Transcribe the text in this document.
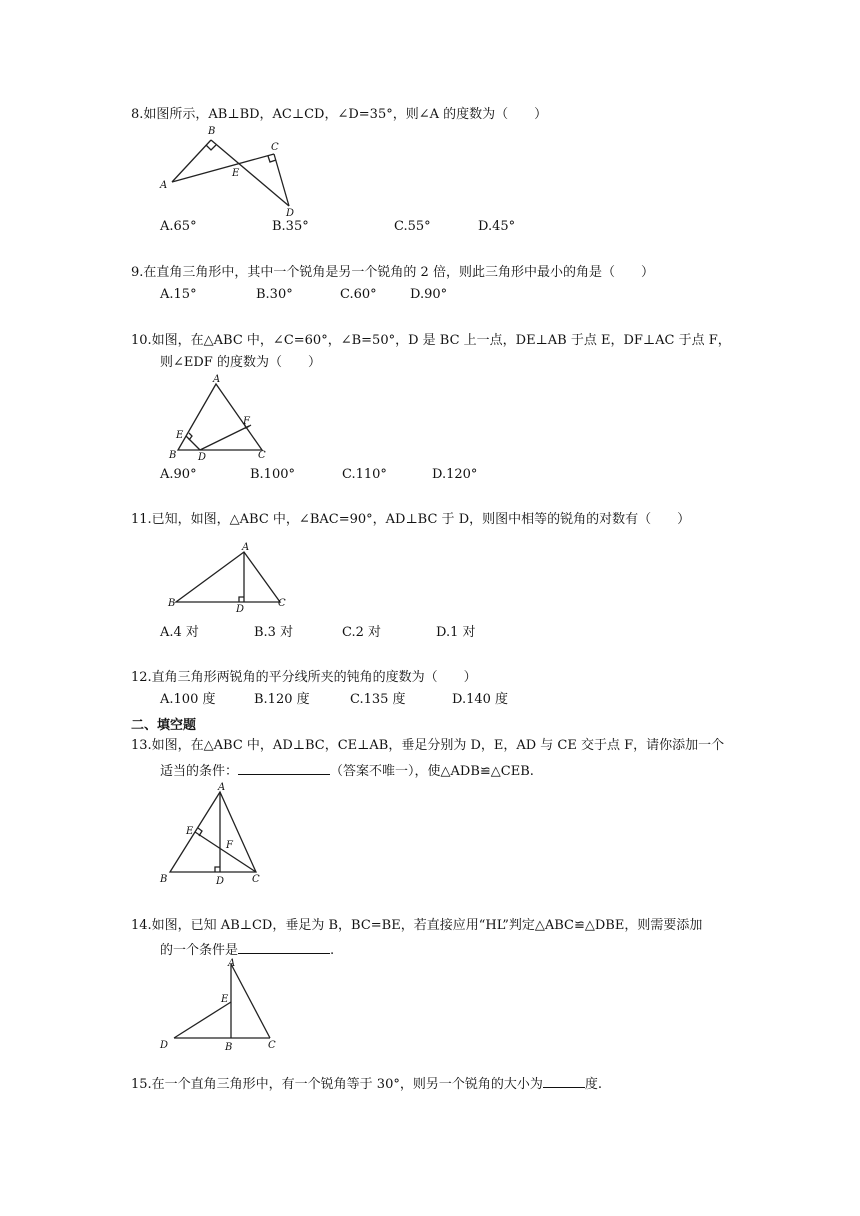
8.如图所示，AB⊥BD，AC⊥CD，∠D=35°，则∠A 的度数为（　　）
B
A
C
E
D
A.65°	B.35°	C.55°	D.45°
9.在直角三角形中，其中一个锐角是另一个锐角的 2 倍，则此三角形中最小的角是（　　）
A.15°	B.30°	C.60°	D.90°
10.如图，在△ABC 中，∠C=60°，∠B=50°，D 是 BC 上一点，DE⊥AB 于点 E，DF⊥AC 于点 F，
则∠EDF 的度数为（　　）
A
B	C
D
E
F
A.90°	B.100°	C.110°	D.120°
11.已知，如图，△ABC 中，∠BAC=90°，AD⊥BC 于 D，则图中相等的锐角的对数有（　　）
A
B	C
D
A.4 对	B.3 对	C.2 对	D.1 对
12.直角三角形两锐角的平分线所夹的钝角的度数为（　　）
A.100 度	B.120 度	C.135 度	D.140 度
二、填空题
13.如图，在△ABC 中，AD⊥BC，CE⊥AB，垂足分别为 D，E，AD 与 CE 交于点 F，请你添加一个
适当的条件：	（答案不唯一），使△ADB≌△CEB.
A
B	C
D
E
F
14.如图，已知 AB⊥CD，垂足为 B，BC=BE，若直接应用“HL”判定△ABC≌△DBE，则需要添加
的一个条件是	.
A
B	C
D
E
15.在一个直角三角形中，有一个锐角等于 30°，则另一个锐角的大小为	度.
